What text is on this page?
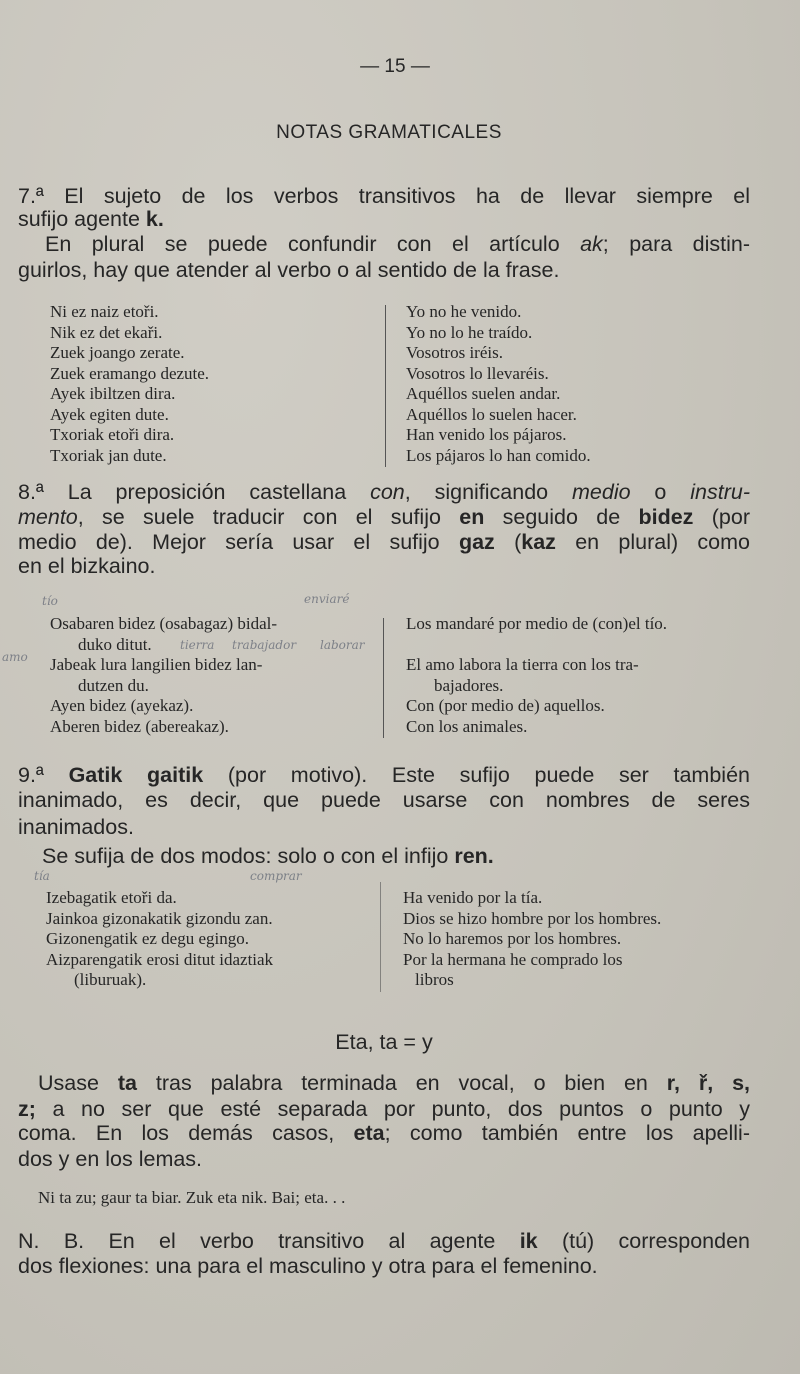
— 15 —
NOTAS GRAMATICALES
7.ª El sujeto de los verbos transitivos ha de llevar siempre el
sufijo agente k.
En plural se puede confundir con el artículo ak; para distin-
guirlos, hay que atender al verbo o al sentido de la frase.
Ni ez naiz etoři.
Nik ez det ekaři.
Zuek joango zerate.
Zuek eramango dezute.
Ayek ibiltzen dira.
Ayek egiten dute.
Txoriak etoři dira.
Txoriak jan dute.
Yo no he venido.
Yo no lo he traído.
Vosotros iréis.
Vosotros lo llevaréis.
Aquéllos suelen andar.
Aquéllos lo suelen hacer.
Han venido los pájaros.
Los pájaros lo han comido.
8.ª La preposición castellana con, significando medio o instru-
mento, se suele traducir con el sufijo en seguido de bidez (por
medio de). Mejor sería usar el sufijo gaz (kaz en plural) como
en el bizkaino.
Osabaren bidez (osabagaz) bidal-
duko ditut.
Jabeak lura langilien bidez lan-
dutzen du.
Ayen bidez (ayekaz).
Aberen bidez (abereakaz).
Los mandaré por medio de (con)el tío.
El amo labora la tierra con los tra-
bajadores.
Con (por medio de) aquellos.
Con los animales.
tío	enviaré
amo
tierra trabajador laborar
9.ª Gatik gaitik (por motivo). Este sufijo puede ser también
inanimado, es decir, que puede usarse con nombres de seres
inanimados.
Se sufija de dos modos: solo o con el infijo ren.
Izebagatik etoři da.
Jainkoa gizonakatik gizondu zan.
Gizonengatik ez degu egingo.
Aizparengatik erosi ditut idaztiak
(liburuak).
Ha venido por la tía.
Dios se hizo hombre por los hombres.
No lo haremos por los hombres.
Por la hermana he comprado los
libros
tía	comprar
Eta, ta = y
Usase ta tras palabra terminada en vocal, o bien en r, ř, s,
z; a no ser que esté separada por punto, dos puntos o punto y
coma. En los demás casos, eta; como también entre los apelli-
dos y en los lemas.
Ni ta zu; gaur ta biar. Zuk eta nik. Bai; eta. . .
N. B. En el verbo transitivo al agente ik (tú) corresponden
dos flexiones: una para el masculino y otra para el femenino.
